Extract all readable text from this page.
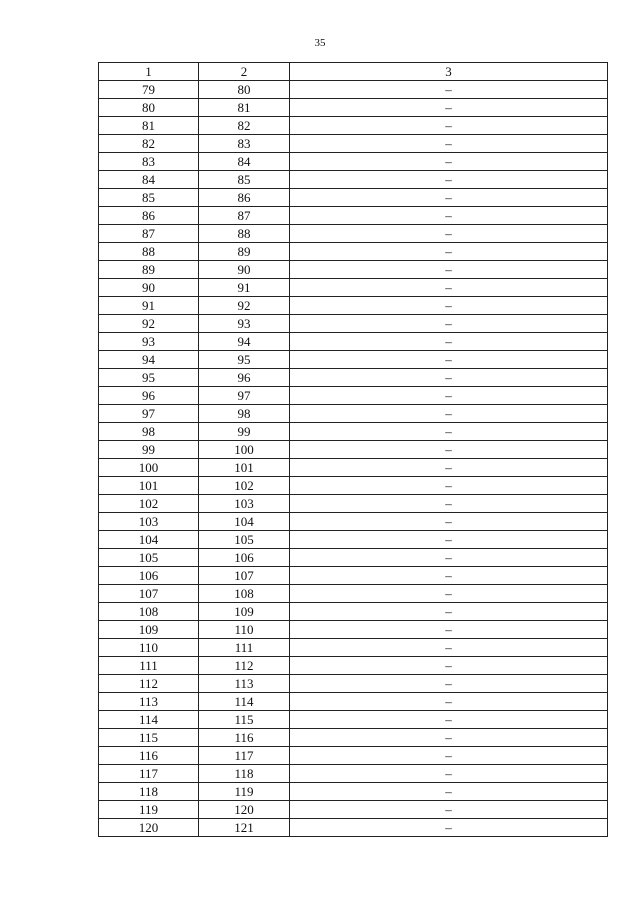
35
1	2	3
79	80	–
80	81	–
81	82	–
82	83	–
83	84	–
84	85	–
85	86	–
86	87	–
87	88	–
88	89	–
89	90	–
90	91	–
91	92	–
92	93	–
93	94	–
94	95	–
95	96	–
96	97	–
97	98	–
98	99	–
99	100	–
100	101	–
101	102	–
102	103	–
103	104	–
104	105	–
105	106	–
106	107	–
107	108	–
108	109	–
109	110	–
110	111	–
111	112	–
112	113	–
113	114	–
114	115	–
115	116	–
116	117	–
117	118	–
118	119	–
119	120	–
120	121	–
